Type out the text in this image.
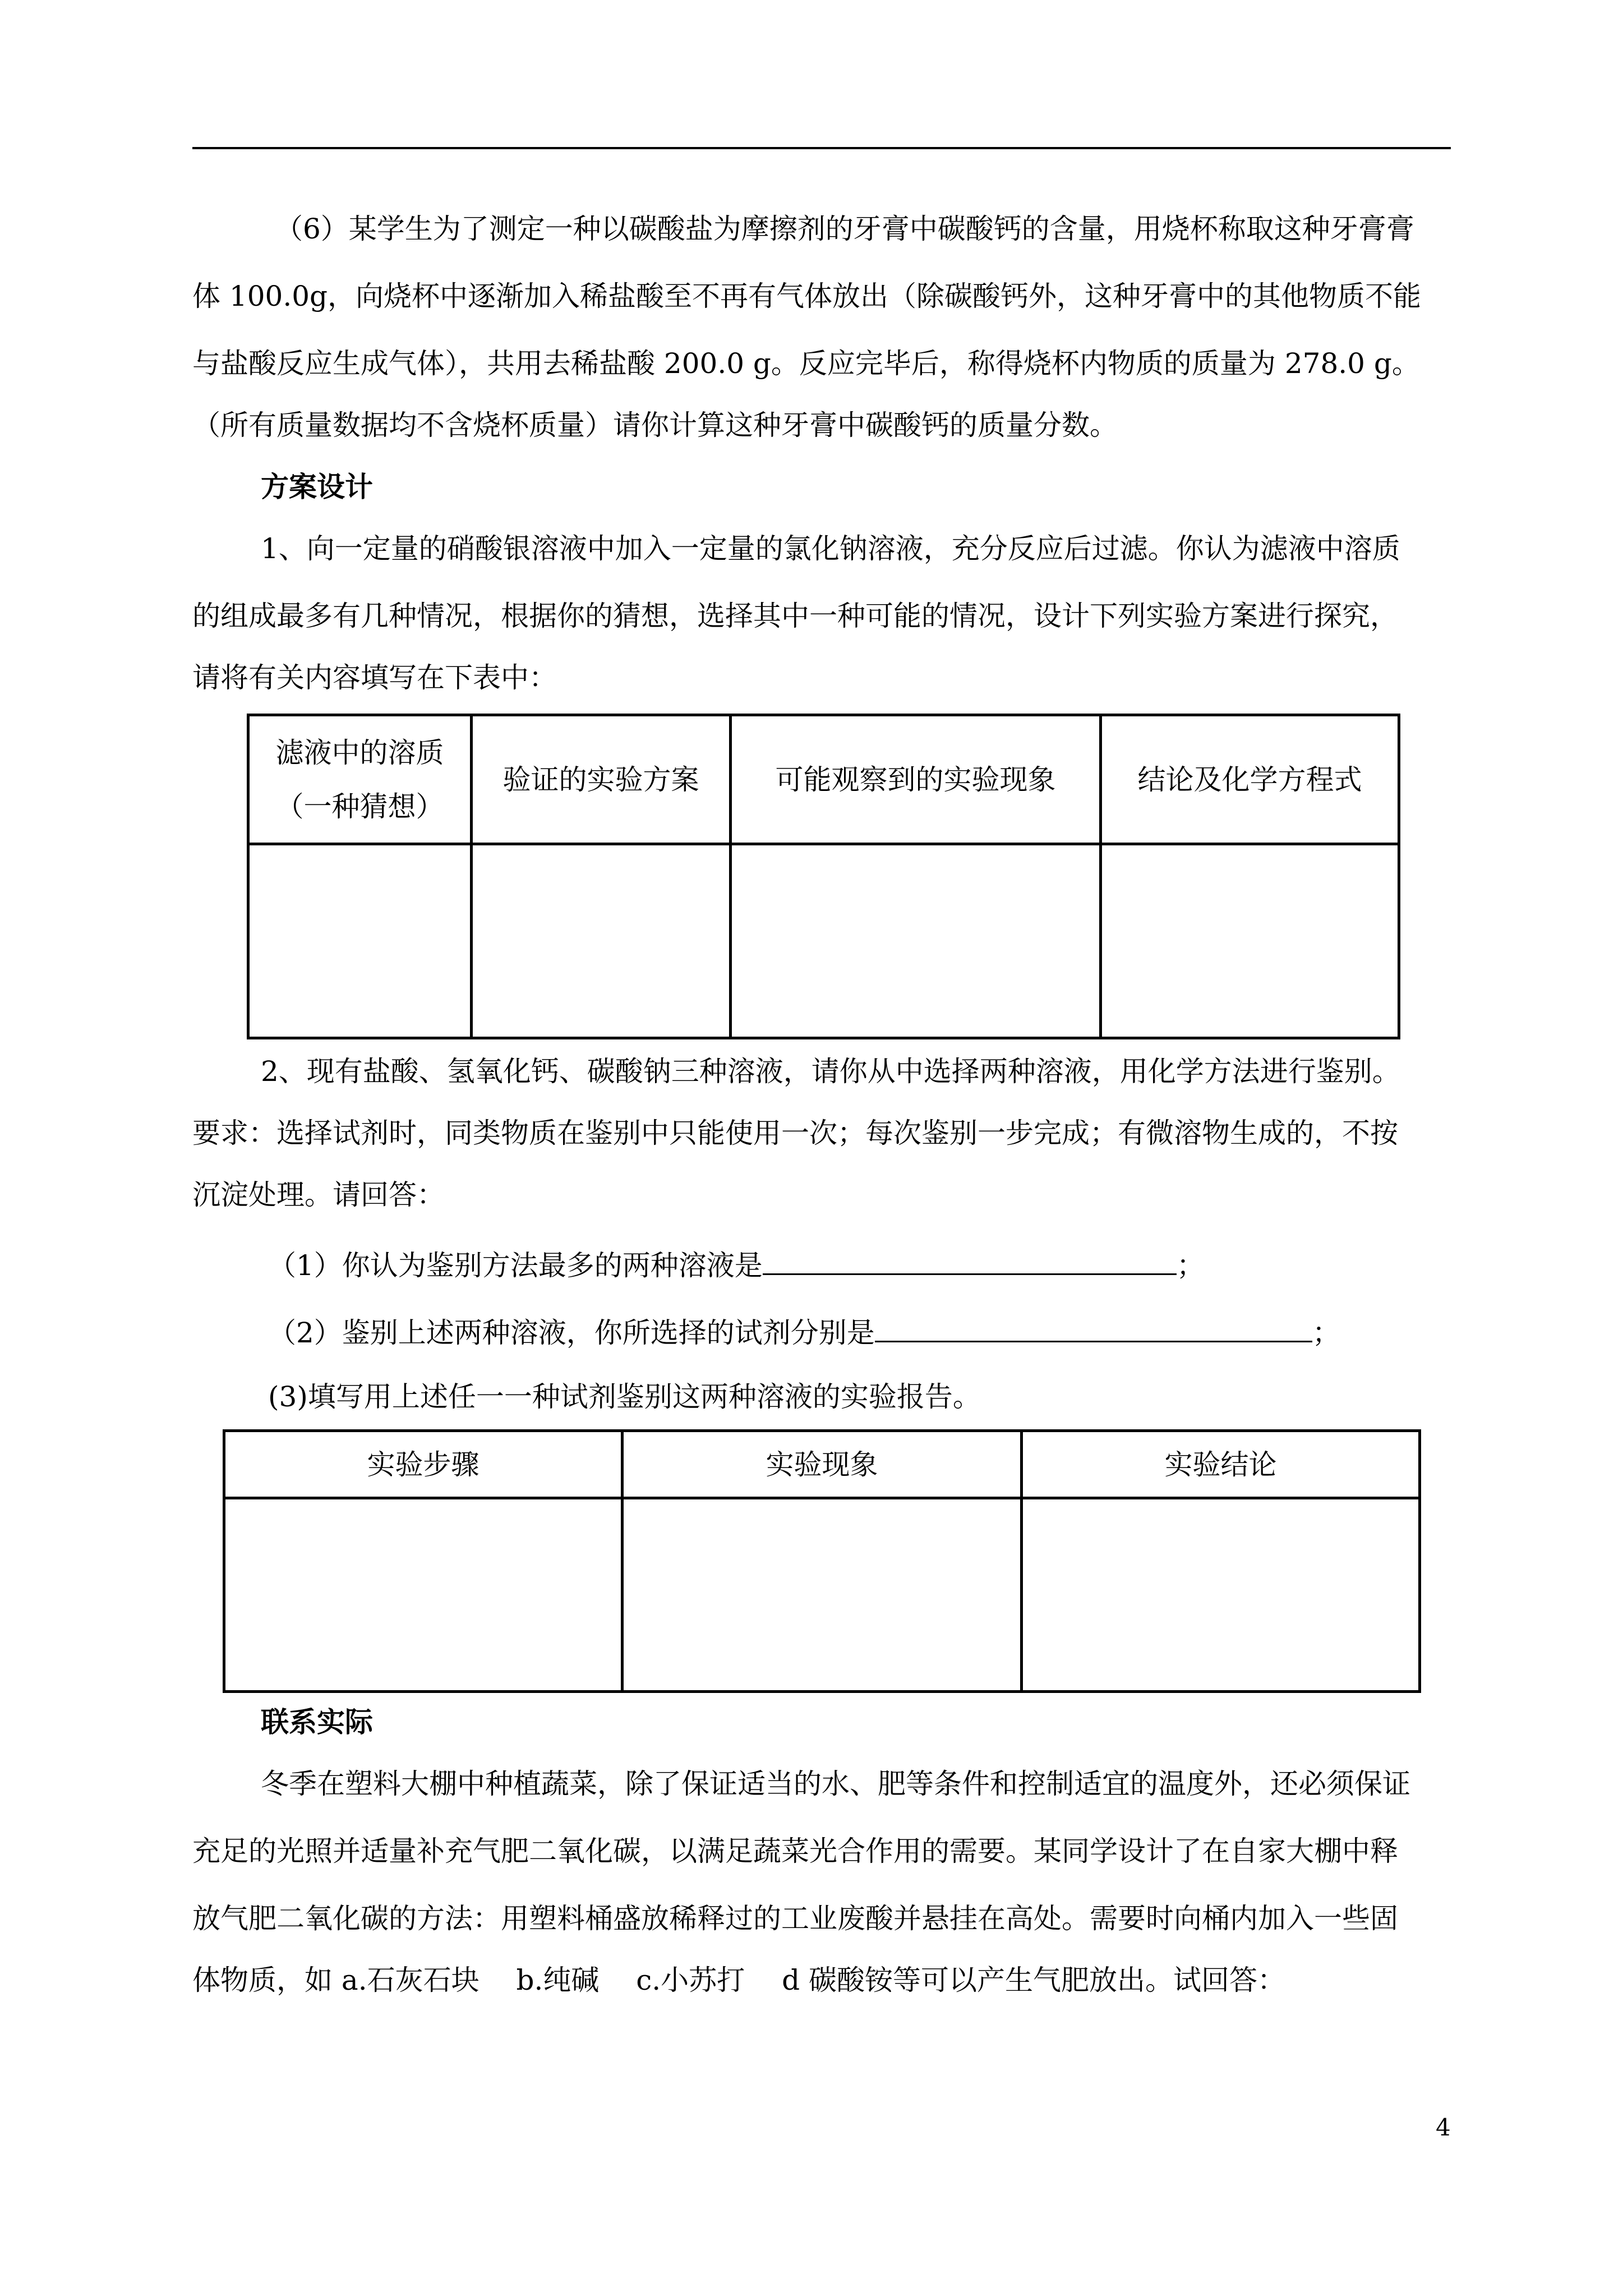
（6）某学生为了测定一种以碳酸盐为摩擦剂的牙膏中碳酸钙的含量，用烧杯称取这种牙膏膏
体 100.0g，向烧杯中逐渐加入稀盐酸至不再有气体放出（除碳酸钙外，这种牙膏中的其他物质不能
与盐酸反应生成气体），共用去稀盐酸 200.0 g。反应完毕后，称得烧杯内物质的质量为 278.0 g。
（所有质量数据均不含烧杯质量）请你计算这种牙膏中碳酸钙的质量分数。
方案设计
1、向一定量的硝酸银溶液中加入一定量的氯化钠溶液，充分反应后过滤。你认为滤液中溶质
的组成最多有几种情况，根据你的猜想，选择其中一种可能的情况，设计下列实验方案进行探究，
请将有关内容填写在下表中：
滤液中的溶质
（一种猜想）	验证的实验方案	可能观察到的实验现象	结论及化学方程式

2、现有盐酸、氢氧化钙、碳酸钠三种溶液，请你从中选择两种溶液，用化学方法进行鉴别。
要求：选择试剂时，同类物质在鉴别中只能使用一次；每次鉴别一步完成；有微溶物生成的，不按
沉淀处理。请回答：
（1）你认为鉴别方法最多的两种溶液是	；
（2）鉴别上述两种溶液，你所选择的试剂分别是	；
(3)填写用上述任一一种试剂鉴别这两种溶液的实验报告。
实验步骤	实验现象	实验结论

联系实际
冬季在塑料大棚中种植蔬菜，除了保证适当的水、肥等条件和控制适宜的温度外，还必须保证
充足的光照并适量补充气肥二氧化碳，以满足蔬菜光合作用的需要。某同学设计了在自家大棚中释
放气肥二氧化碳的方法：用塑料桶盛放稀释过的工业废酸并悬挂在高处。需要时向桶内加入一些固
体物质，如 a.石灰石块　 b.纯碱　 c.小苏打　 d 碳酸铵等可以产生气肥放出。试回答：
4
